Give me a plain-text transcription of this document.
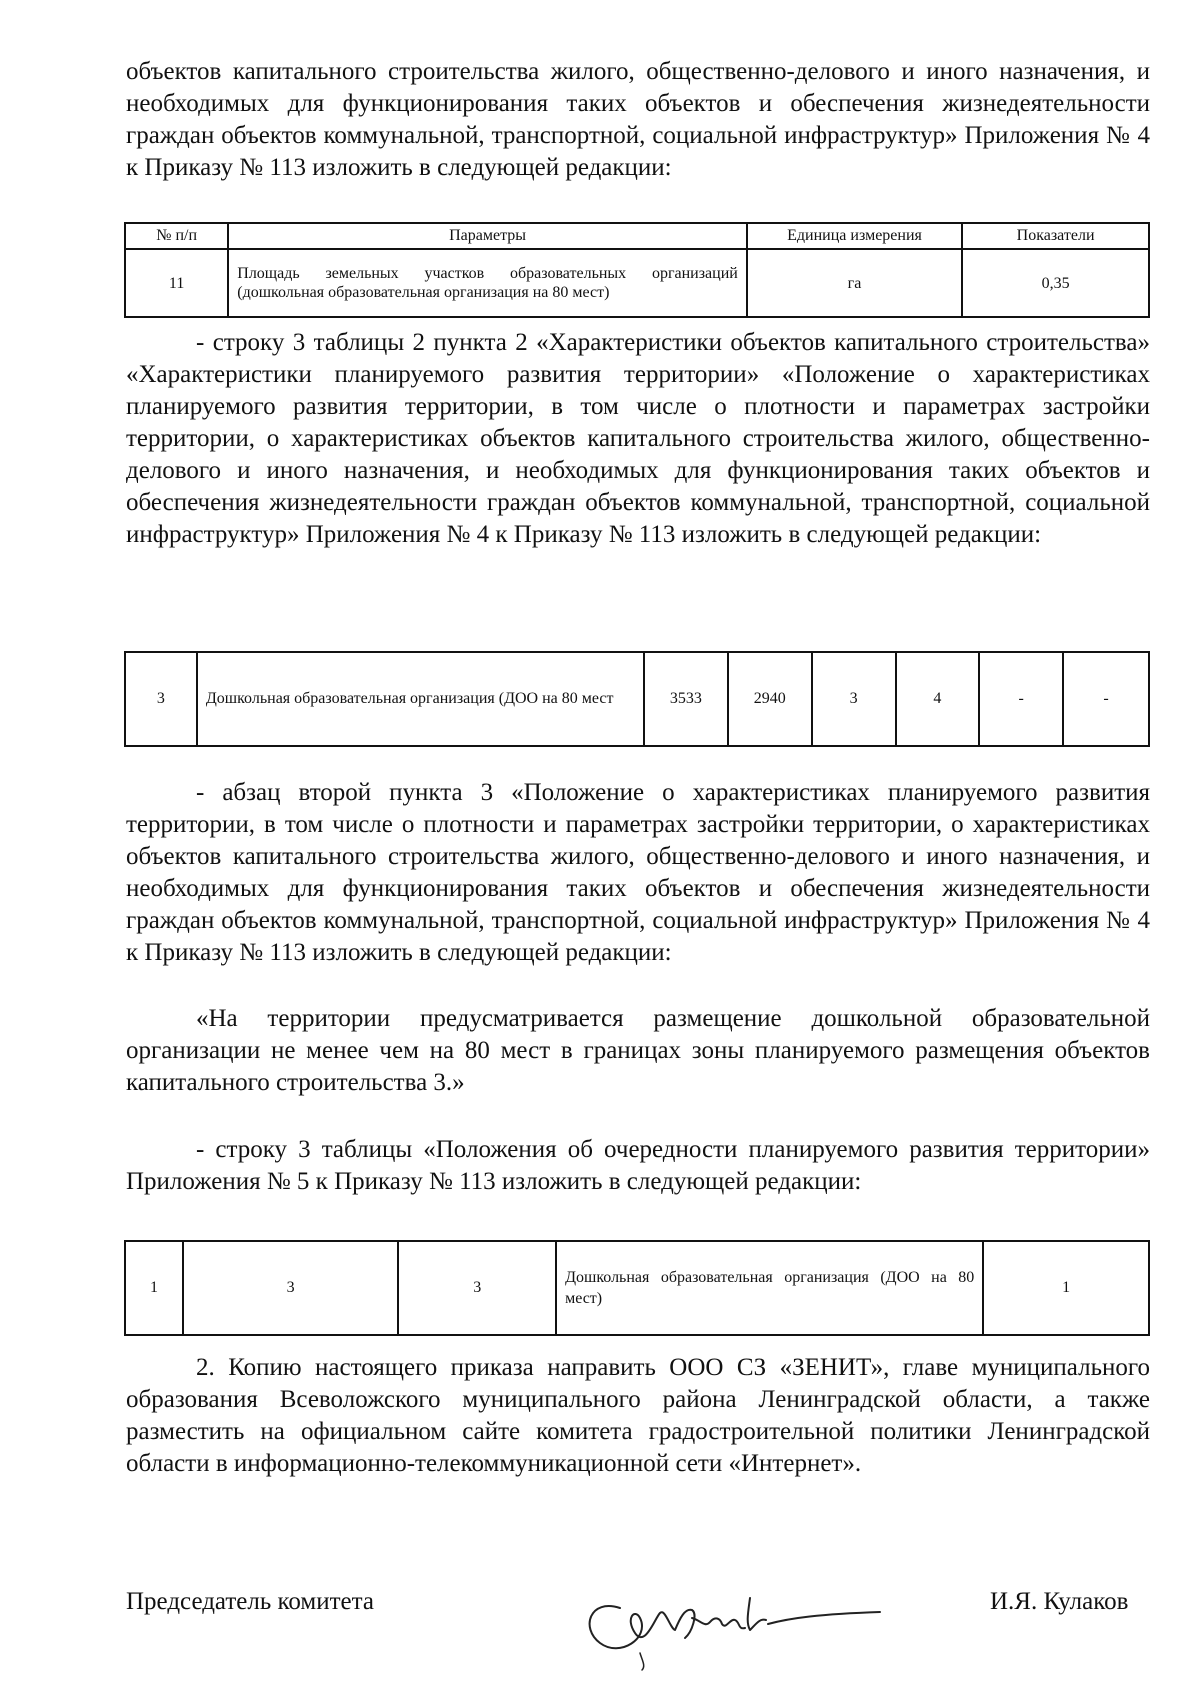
объектов капитального строительства жилого, общественно-делового и иного назначения, и необходимых для функционирования таких объектов и обеспечения жизнедеятельности граждан объектов коммунальной, транспортной, социальной инфраструктур» Приложения № 4 к Приказу № 113 изложить в следующей редакции:
№ п/п	Параметры	Единица измерения	Показатели
11	Площадь земельных участков образовательных организаций (дошкольная образовательная организация на 80 мест)	га	0,35
- строку 3 таблицы 2 пункта 2 «Характеристики объектов капитального строительства» «Характеристики планируемого развития территории» «Положение о характеристиках планируемого развития территории, в том числе о плотности и параметрах застройки территории, о характеристиках объектов капитального строительства жилого, общественно-делового и иного назначения, и необходимых для функционирования таких объектов и обеспечения жизнедеятельности граждан объектов коммунальной, транспортной, социальной инфраструктур» Приложения № 4 к Приказу № 113 изложить в следующей редакции:
3	Дошкольная образовательная организация (ДОО на 80 мест	3533	2940	3	4	-	-
- абзац второй пункта 3 «Положение о характеристиках планируемого развития территории, в том числе о плотности и параметрах застройки территории, о характеристиках объектов капитального строительства жилого, общественно-делового и иного назначения, и необходимых для функционирования таких объектов и обеспечения жизнедеятельности граждан объектов коммунальной, транспортной, социальной инфраструктур» Приложения № 4 к Приказу № 113 изложить в следующей редакции:
«На территории предусматривается размещение дошкольной образовательной организации не менее чем на 80 мест в границах зоны планируемого размещения объектов капитального строительства 3.»
- строку 3 таблицы «Положения об очередности планируемого развития территории» Приложения № 5 к Приказу № 113 изложить в следующей редакции:
1	3	3	Дошкольная образовательная организация (ДОО на 80 мест)	1
2. Копию настоящего приказа направить ООО СЗ «ЗЕНИТ», главе муниципального образования Всеволожского муниципального района Ленинградской области, а также разместить на официальном сайте комитета градостроительной политики Ленинградской области в информационно-телекоммуникационной сети «Интернет».
Председатель комитета	И.Я. Кулаков
